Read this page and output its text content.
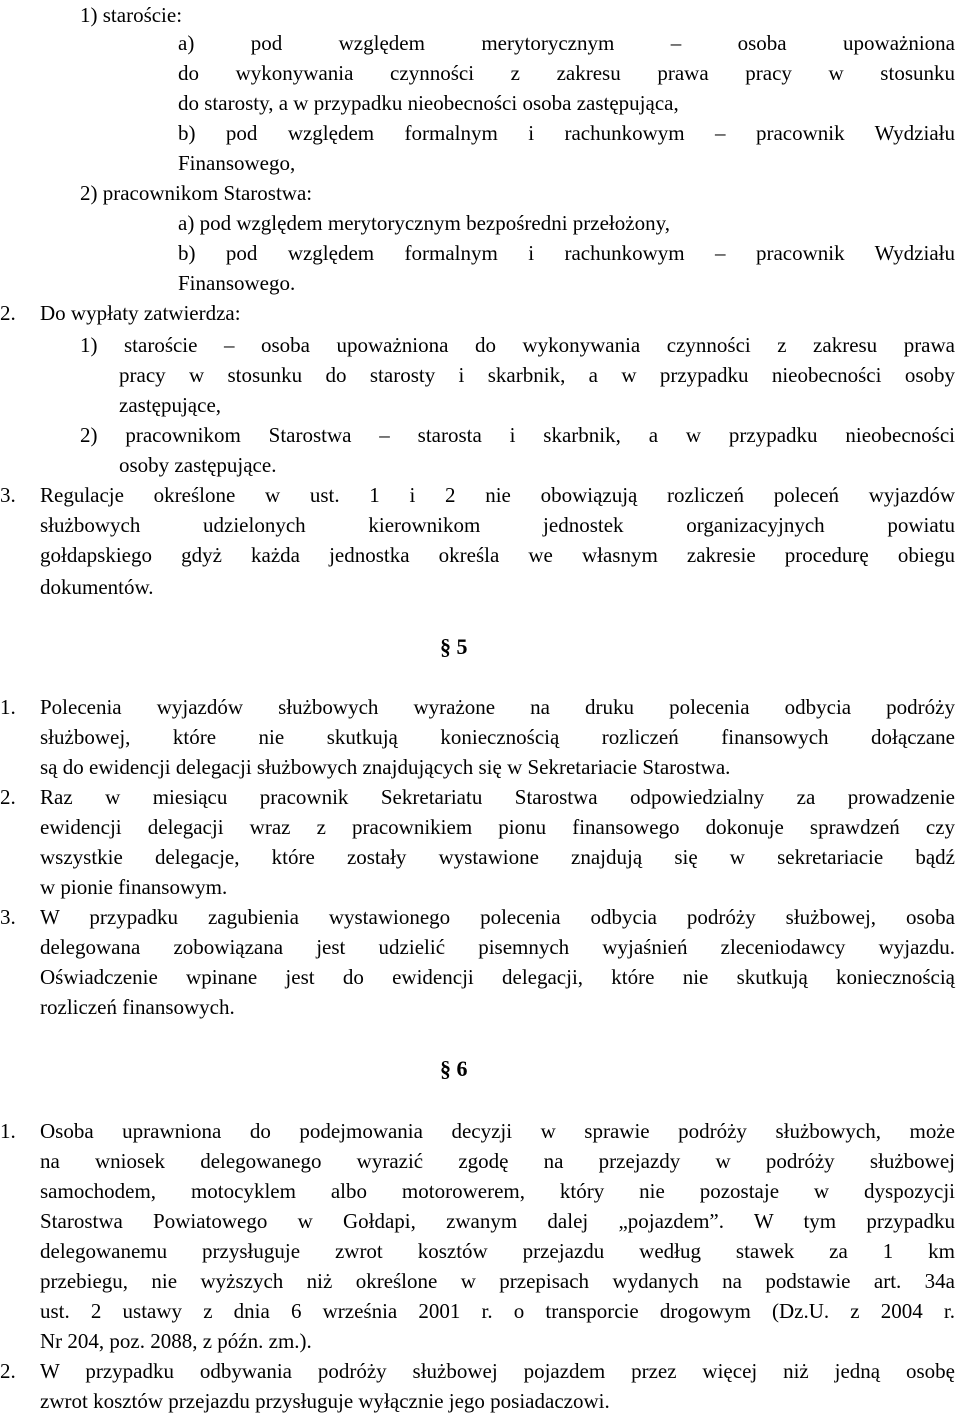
1) staroście:
a) pod względem merytorycznym – osoba upoważniona
do wykonywania czynności z zakresu prawa pracy w stosunku
do starosty, a w przypadku nieobecności osoba zastępująca,
b) pod względem formalnym i rachunkowym – pracownik Wydziału
Finansowego,
2) pracownikom Starostwa:
a) pod względem merytorycznym bezpośredni przełożony,
b) pod względem formalnym i rachunkowym – pracownik Wydziału
Finansowego.
2. Do wypłaty zatwierdza:
1) staroście – osoba upoważniona do wykonywania czynności z zakresu prawa
pracy w stosunku do starosty i skarbnik, a w przypadku nieobecności osoby
zastępujące,
2) pracownikom Starostwa – starosta i skarbnik, a w przypadku nieobecności
osoby zastępujące.
3. Regulacje określone w ust. 1 i 2 nie obowiązują rozliczeń poleceń wyjazdów
służbowych udzielonych kierownikom jednostek organizacyjnych powiatu
gołdapskiego gdyż każda jednostka określa we własnym zakresie procedurę obiegu
dokumentów.
§ 5
1. Polecenia wyjazdów służbowych wyrażone na druku polecenia odbycia podróży
służbowej, które nie skutkują koniecznością rozliczeń finansowych dołączane
są do ewidencji delegacji służbowych znajdujących się w Sekretariacie Starostwa.
2. Raz w miesiącu pracownik Sekretariatu Starostwa odpowiedzialny za prowadzenie
ewidencji delegacji wraz z pracownikiem pionu finansowego dokonuje sprawdzeń czy
wszystkie delegacje, które zostały wystawione znajdują się w sekretariacie bądź
w pionie finansowym.
3. W przypadku zagubienia wystawionego polecenia odbycia podróży służbowej, osoba
delegowana zobowiązana jest udzielić pisemnych wyjaśnień zleceniodawcy wyjazdu.
Oświadczenie wpinane jest do ewidencji delegacji, które nie skutkują koniecznością
rozliczeń finansowych.
§ 6
1. Osoba uprawniona do podejmowania decyzji w sprawie podróży służbowych, może
na wniosek delegowanego wyrazić zgodę na przejazdy w podróży służbowej
samochodem, motocyklem albo motorowerem, który nie pozostaje w dyspozycji
Starostwa Powiatowego w Gołdapi, zwanym dalej „pojazdem”. W tym przypadku
delegowanemu przysługuje zwrot kosztów przejazdu według stawek za 1 km
przebiegu, nie wyższych niż określone w przepisach wydanych na podstawie art. 34a
ust. 2 ustawy z dnia 6 września 2001 r. o transporcie drogowym (Dz.U. z 2004 r.
Nr 204, poz. 2088, z późn. zm.).
2. W przypadku odbywania podróży służbowej pojazdem przez więcej niż jedną osobę
zwrot kosztów przejazdu przysługuje wyłącznie jego posiadaczowi.
